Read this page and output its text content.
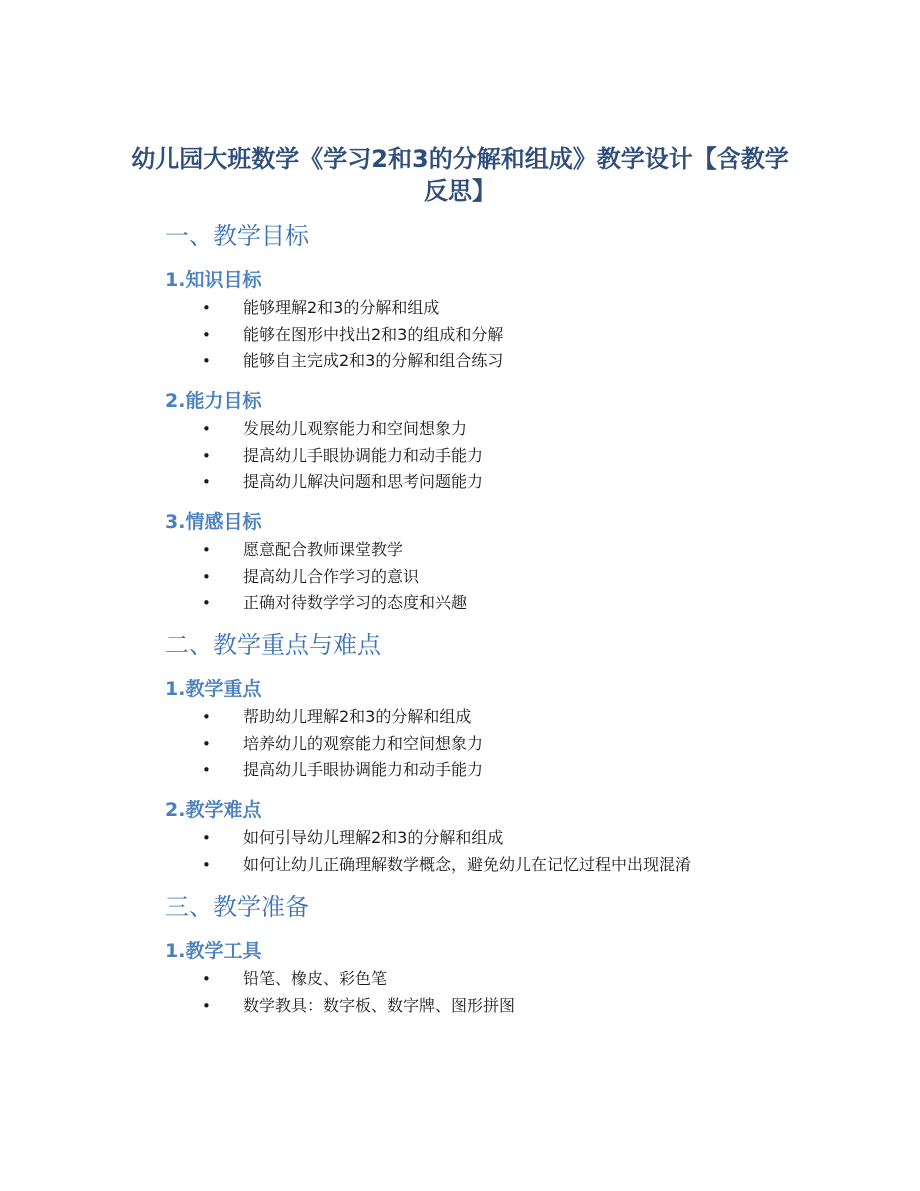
幼儿园大班数学《学习2和3的分解和组成》教学设计【含教学反思】
一、教学目标
1.知识目标
• 能够理解2和3的分解和组成
• 能够在图形中找出2和3的组成和分解
• 能够自主完成2和3的分解和组合练习
2.能力目标
• 发展幼儿观察能力和空间想象力
• 提高幼儿手眼协调能力和动手能力
• 提高幼儿解决问题和思考问题能力
3.情感目标
• 愿意配合教师课堂教学
• 提高幼儿合作学习的意识
• 正确对待数学学习的态度和兴趣
二、教学重点与难点
1.教学重点
• 帮助幼儿理解2和3的分解和组成
• 培养幼儿的观察能力和空间想象力
• 提高幼儿手眼协调能力和动手能力
2.教学难点
• 如何引导幼儿理解2和3的分解和组成
• 如何让幼儿正确理解数学概念，避免幼儿在记忆过程中出现混淆
三、教学准备
1.教学工具
• 铅笔、橡皮、彩色笔
• 数学教具：数字板、数字牌、图形拼图
